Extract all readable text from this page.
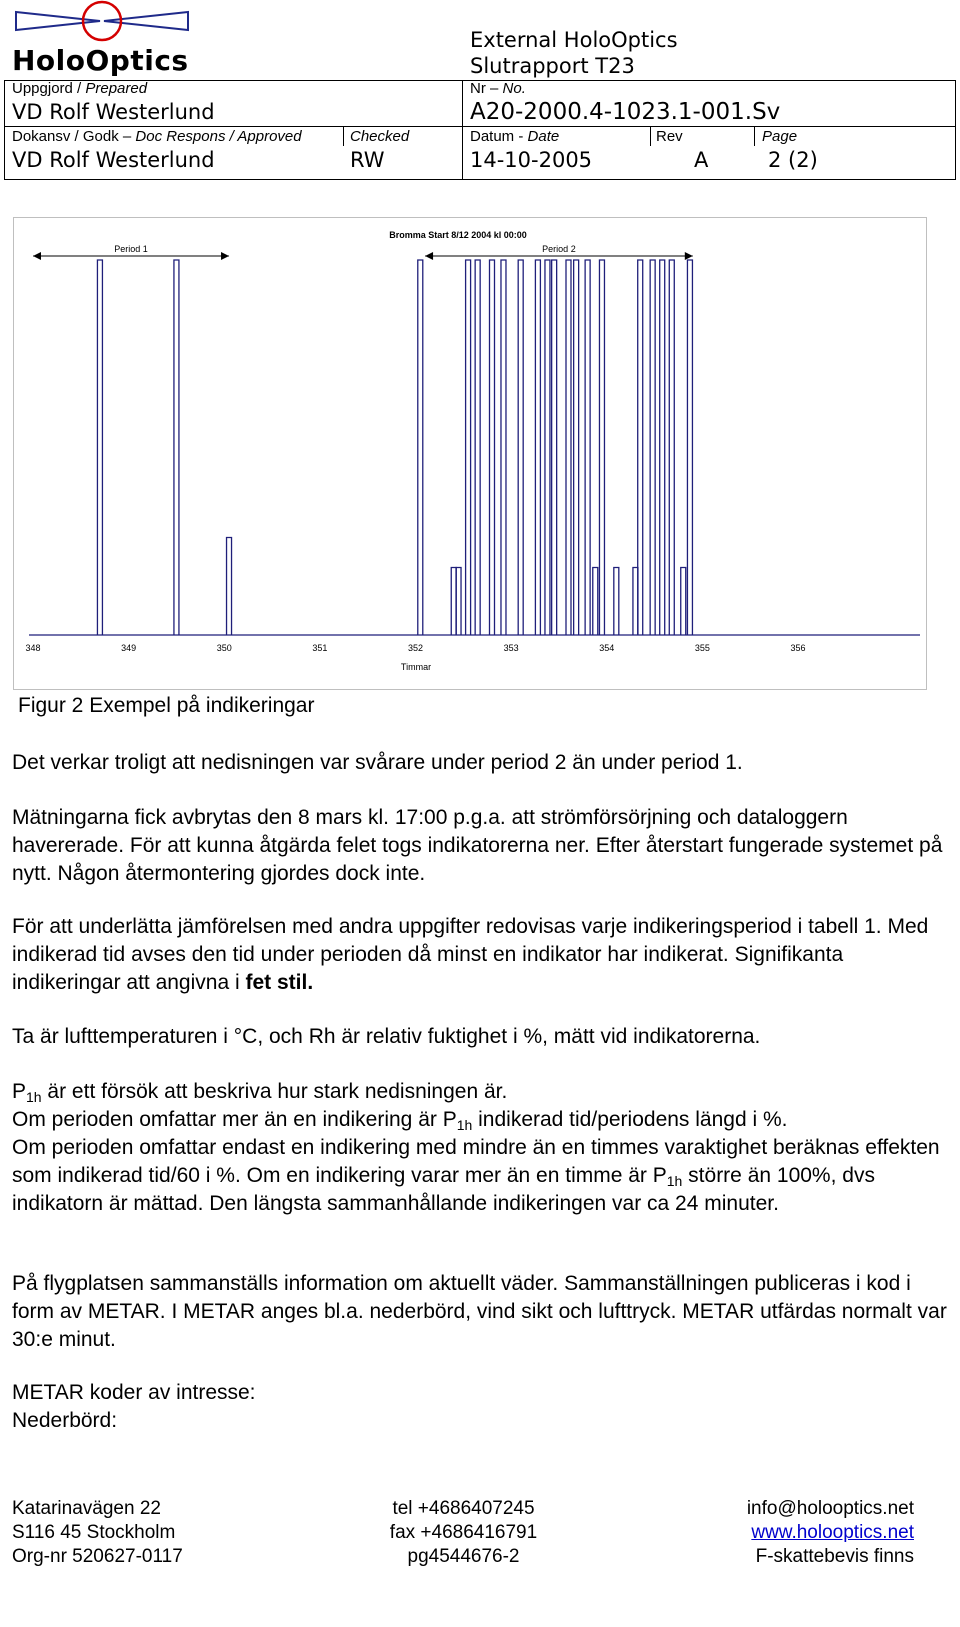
HoloOptics
External HoloOptics
Slutrapport T23
Uppgjord / Prepared
VD Rolf Westerlund
Nr – No.
A20-2000.4-1023.1-001.Sv
Dokansv / Godk – Doc Respons / Approved
VD Rolf Westerlund
Checked
RW
Datum - Date
14-10-2005
Rev
A
Page
2 (2)
Bromma Start 8/12 2004 kl 00:00
348	349	350	351	352	353	354	355	356
Timmar
Period 1	Period 2
Figur 2 Exempel på indikeringar

Det verkar troligt att nedisningen var svårare under period 2 än under period 1.

Mätningarna fick avbrytas den 8 mars kl. 17:00 p.g.a. att strömförsörjning och dataloggern havererade. För att kunna åtgärda felet togs indikatorerna ner. Efter återstart fungerade systemet på nytt. Någon återmontering gjordes dock inte.

För att underlätta jämförelsen med andra uppgifter redovisas varje indikeringsperiod i tabell 1. Med indikerad tid avses den tid under perioden då minst en indikator har indikerat. Signifikanta indikeringar att angivna i fet stil.

Ta är lufttemperaturen i °C, och Rh är relativ fuktighet i %, mätt vid indikatorerna.

$P_{1h}$ är ett försök att beskriva hur stark nedisningen är.

Om perioden omfattar mer än en indikering är $P_{1h}$ indikerad tid/periodens längd i %.

Om perioden omfattar endast en indikering med mindre än en timmes varaktighet beräknas effekten som indikerad tid/60 i %. Om en indikering varar mer än en timme är $P_{1h}$ större än 100%, dvs indikatorn är mättad. Den längsta sammanhållande indikeringen var ca 24 minuter.

På flygplatsen sammanställs information om aktuellt väder. Sammanställningen publiceras i kod i form av METAR. I METAR anges bl.a. nederbörd, vind sikt och lufttryck. METAR utfärdas normalt var 30:e minut.

METAR koder av intresse:

Nederbörd:

Katarinavägen 22
S116 45 Stockholm
Org-nr 520627-0117
tel +4686407245
fax +4686416791
pg4544676-2
info@holooptics.net
www.holooptics.net
F-skattebevis finns
